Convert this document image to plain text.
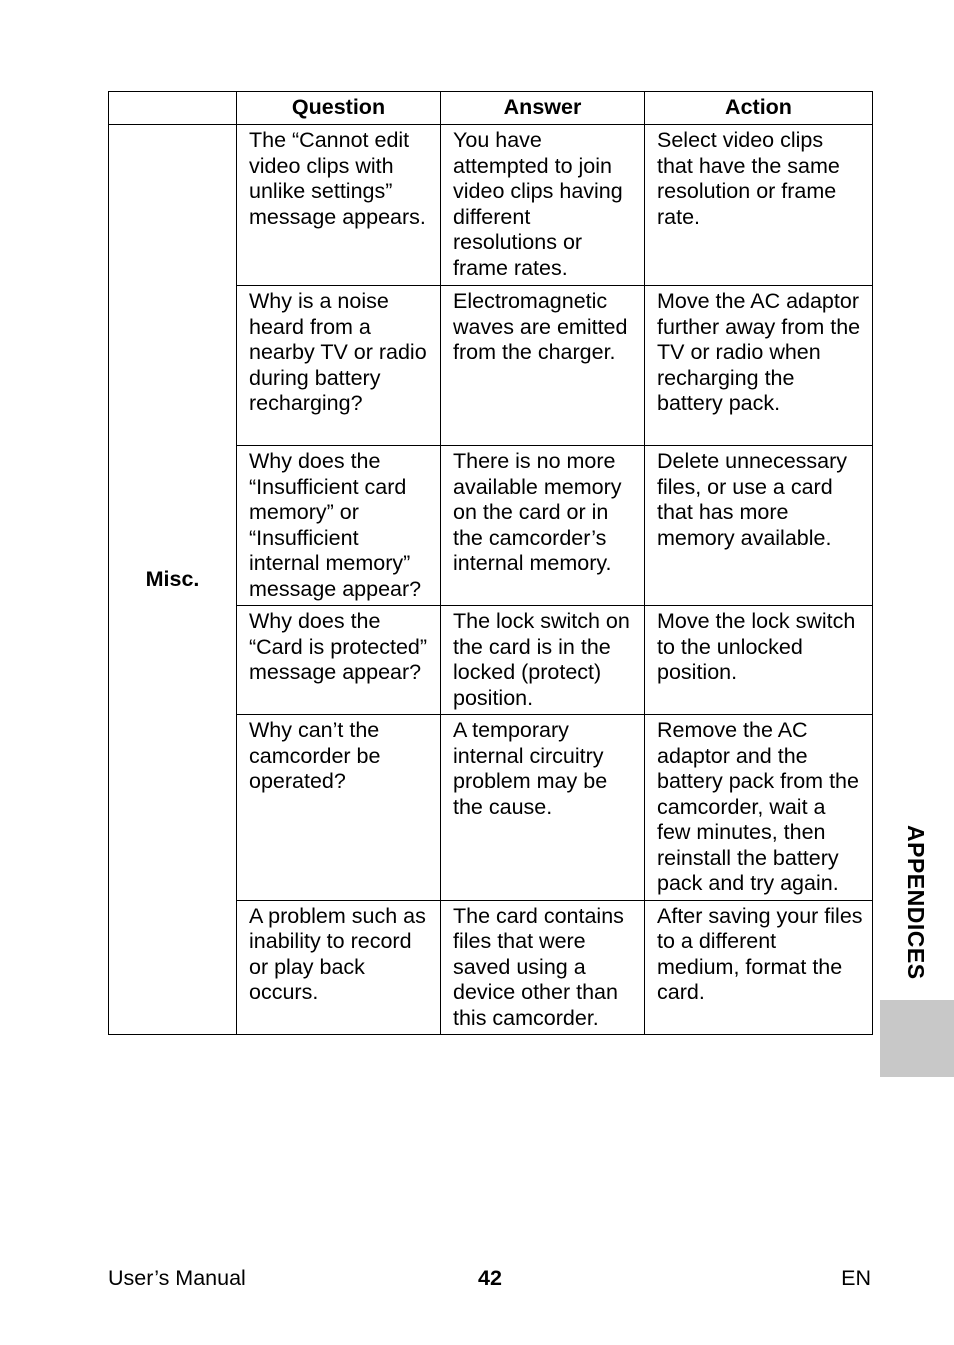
	Question	Answer	Action
Misc.	The “Cannot edit video clips with unlike settings” message appears.	You have attempted to join video clips having different resolutions or frame rates.	Select video clips that have the same resolution or frame rate.
	Why is a noise heard from a nearby TV or radio during battery recharging?	Electromagnetic waves are emitted from the charger.	Move the AC adaptor further away from the TV or radio when recharging the battery pack.
	Why does the “Insufficient card memory” or “Insufficient internal memory” message appear?	There is no more available memory on the card or in the camcorder’s internal memory.	Delete unnecessary files, or use a card that has more memory available.
	Why does the “Card is protected” message appear?	The lock switch on the card is in the locked (protect) position.	Move the lock switch to the unlocked position.
	Why can’t the camcorder be operated?	A temporary internal circuitry problem may be the cause.	Remove the AC adaptor and the battery pack from the camcorder, wait a few minutes, then reinstall the battery pack and try again.
	A problem such as inability to record or play back occurs.	The card contains files that were saved using a device other than this camcorder.	After saving your files to a different medium, format the card.
APPENDICES
User’s Manual	42	EN
